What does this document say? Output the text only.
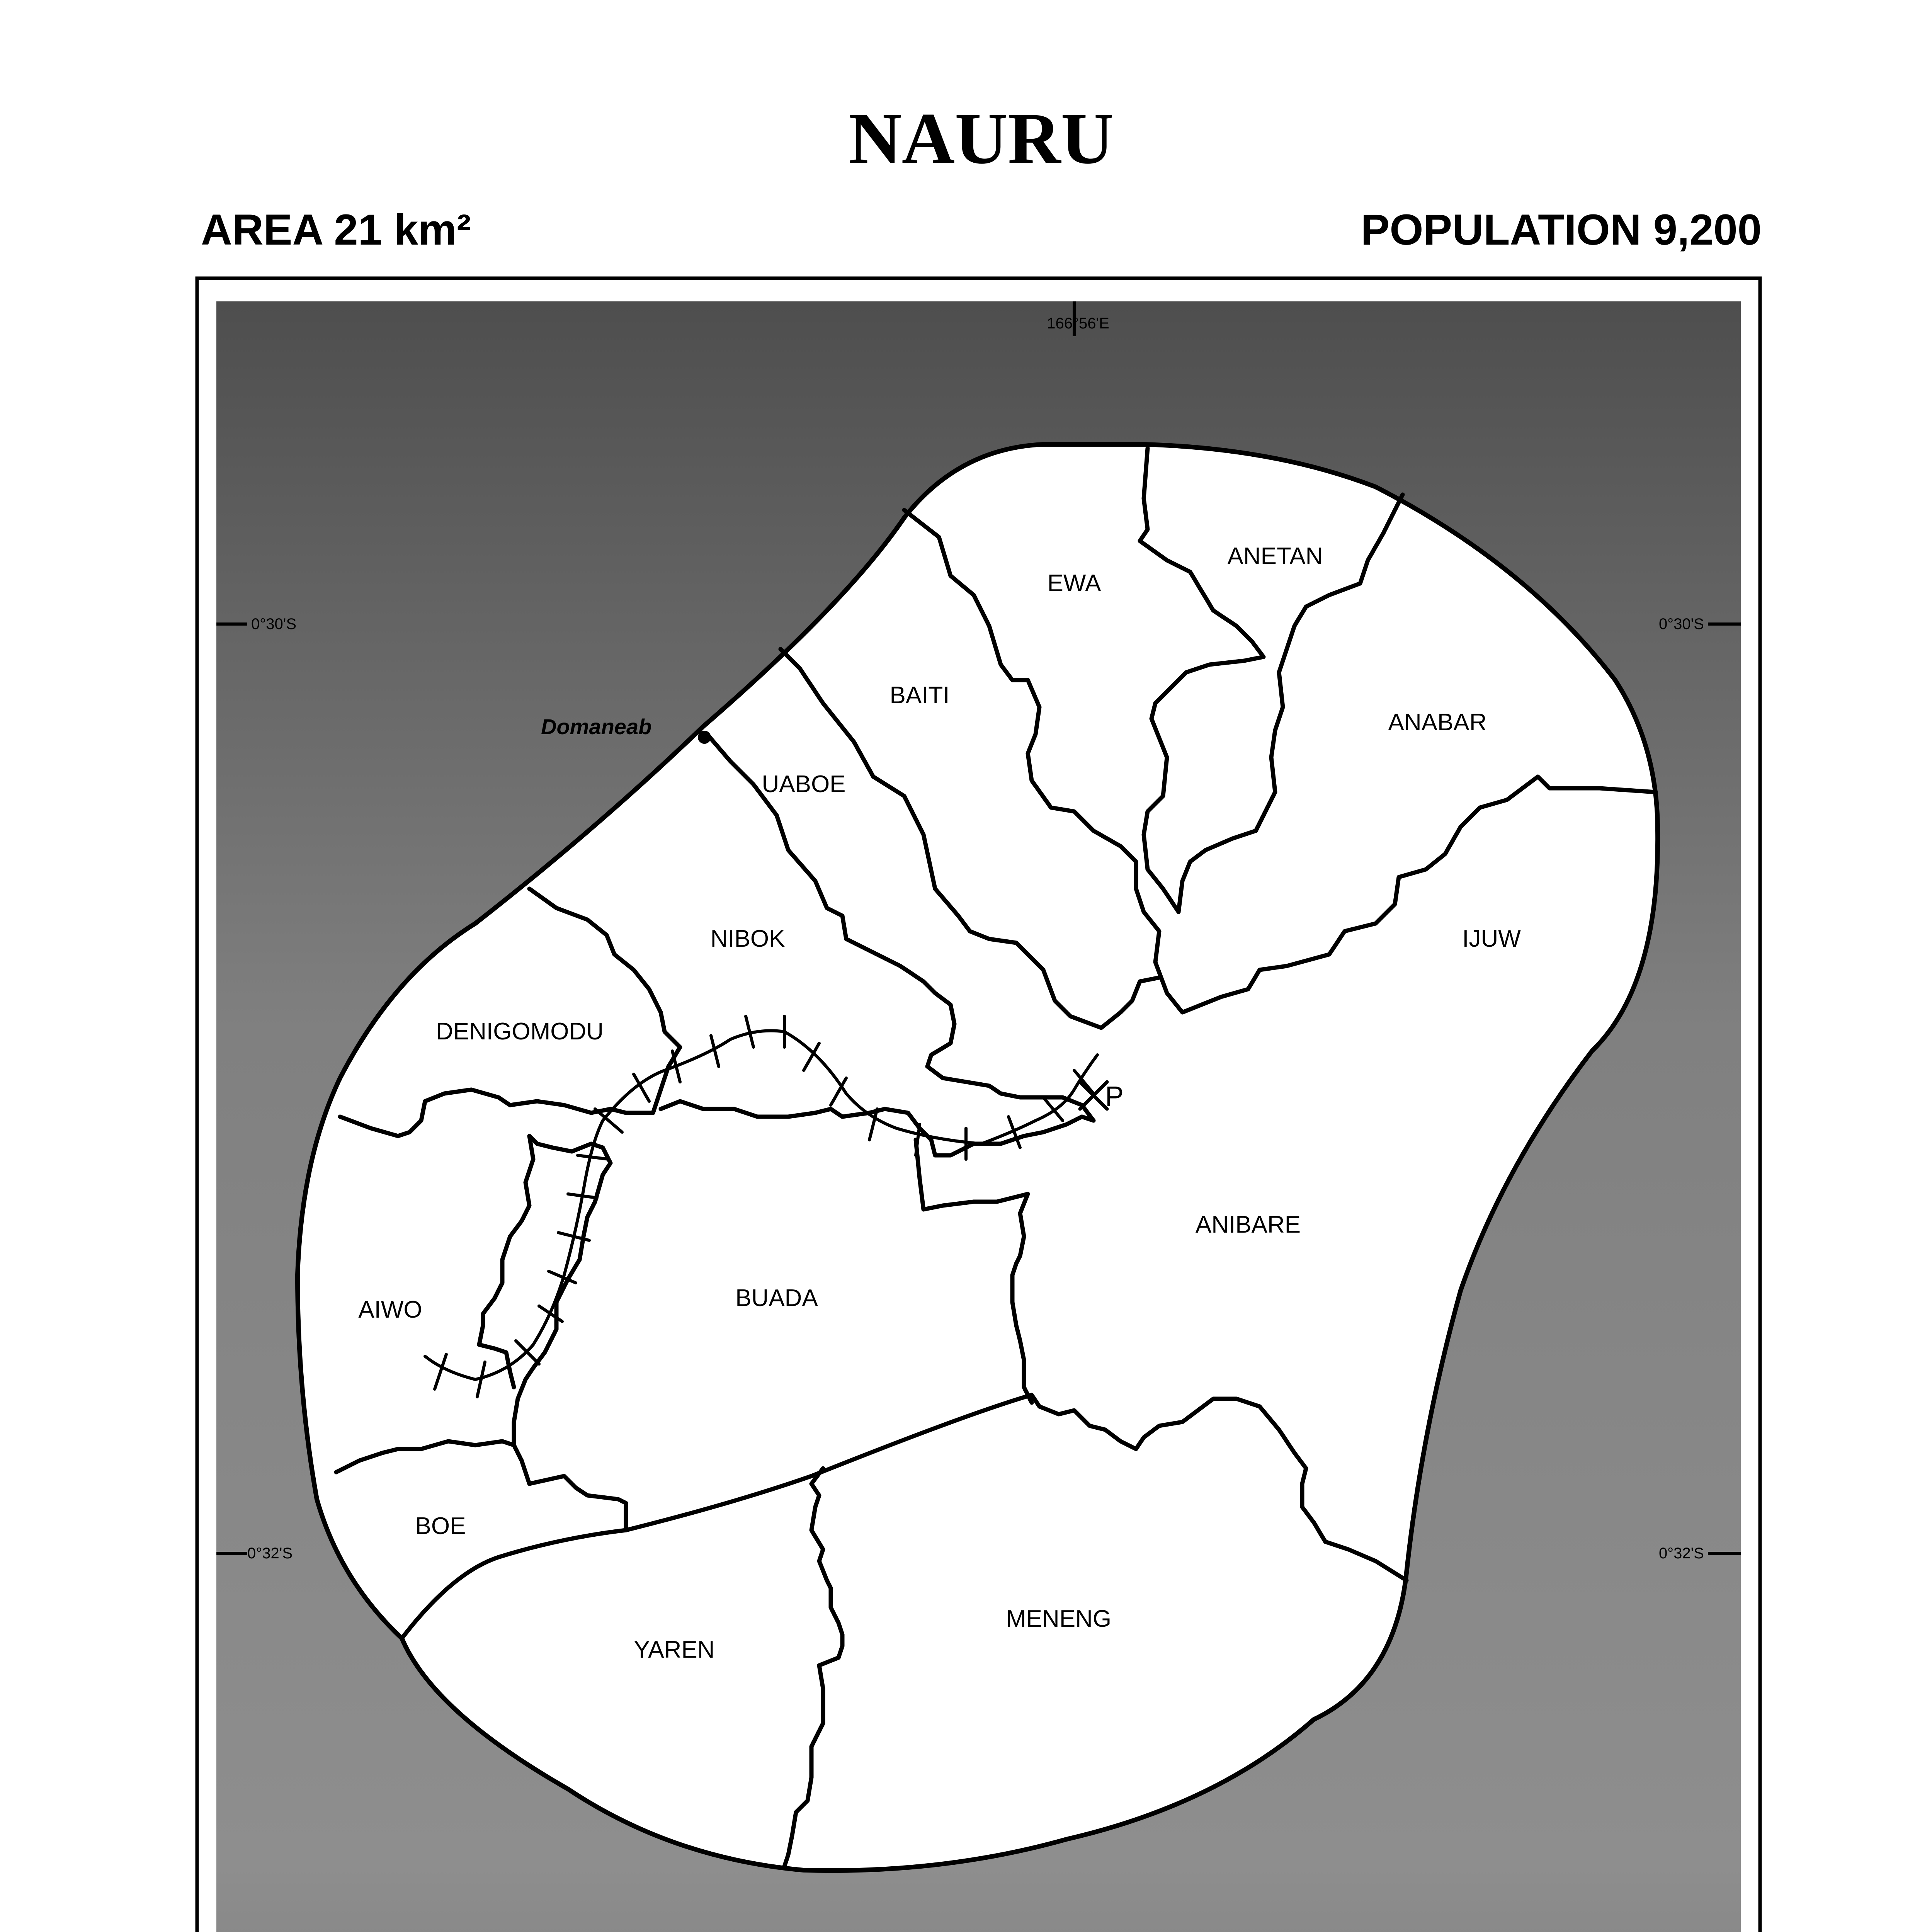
NAURU
AREA 21 km²	POPULATION 9,200
P
Domaneab
EWA
ANETAN
BAITI
ANABAR
UABOE
NIBOK	IJUW
DENIGOMODU
ANIBARE
AIWO	BUADA
BOE
YAREN
MENENG
166°56'E
0°30'S	0°30'S
0°32'S	0°32'S
